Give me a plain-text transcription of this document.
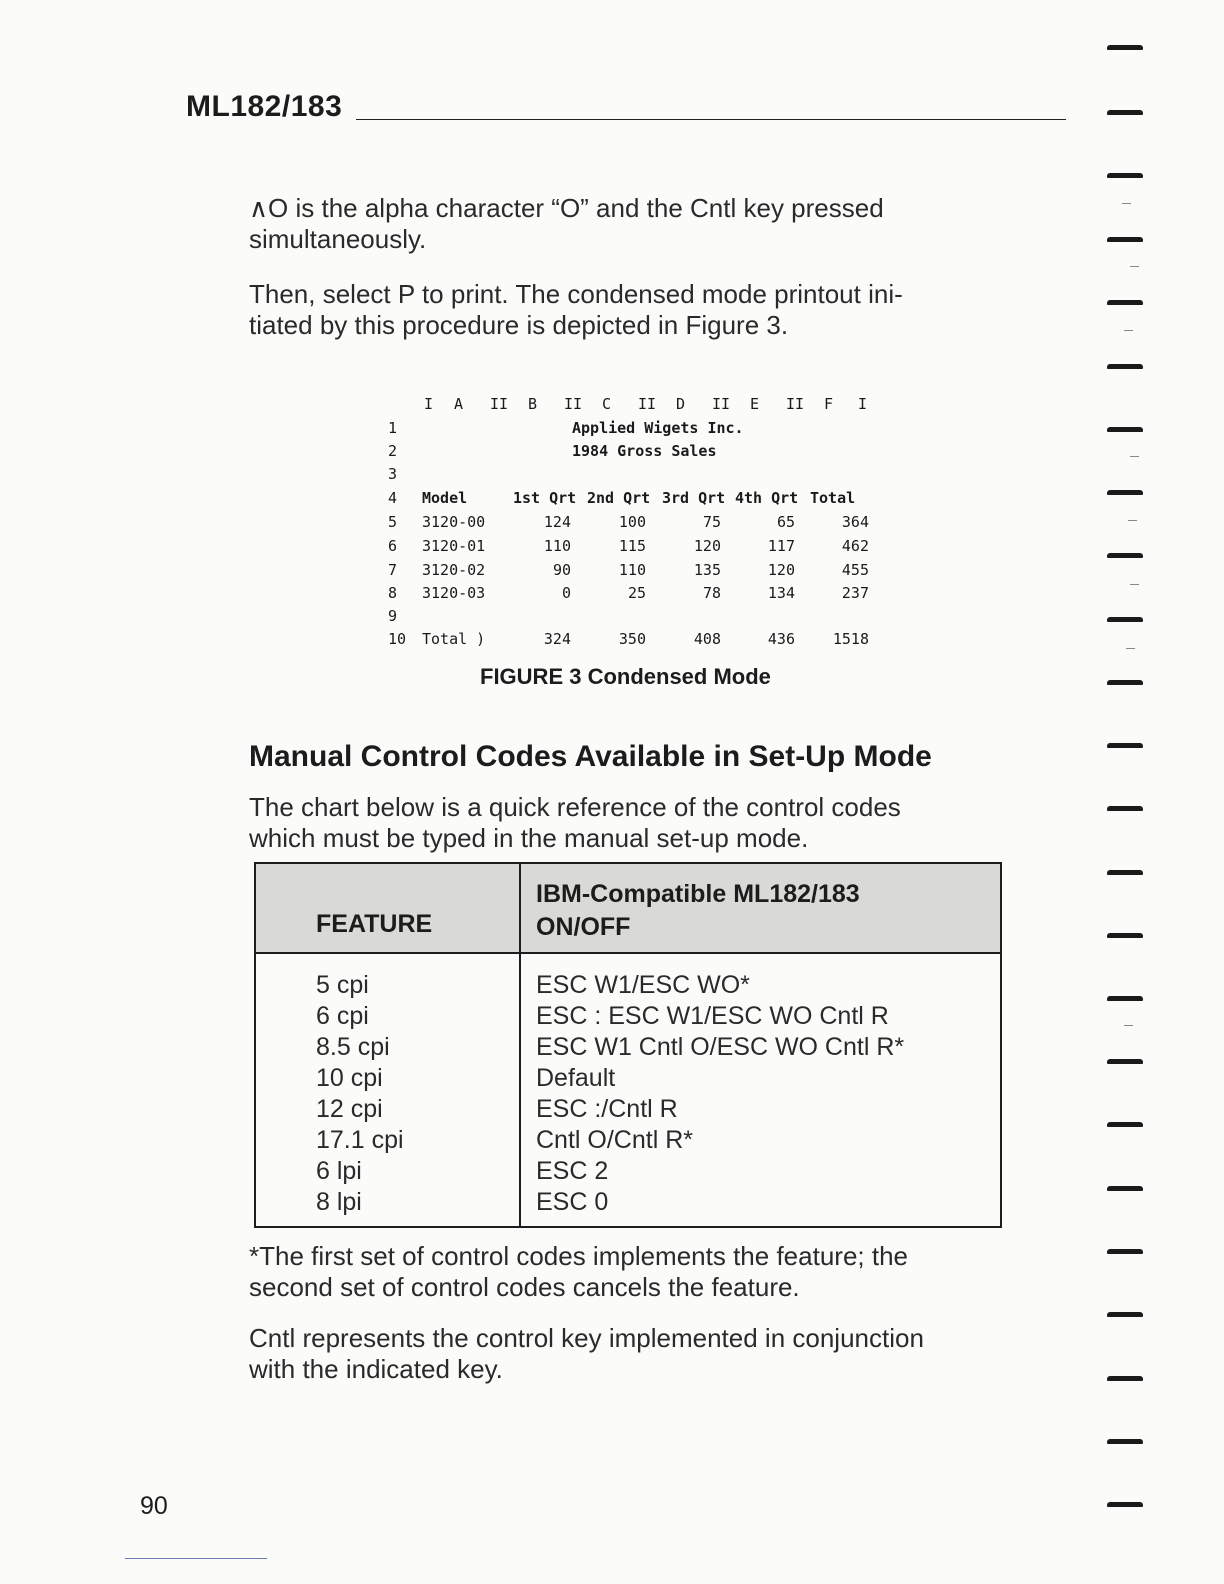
ML182/183
∧O is the alpha character “O” and the Cntl key pressed
simultaneously.
Then, select P to print. The condensed mode printout ini-
tiated by this procedure is depicted in Figure 3.
I A II B II C II D II E II F I
1	Applied Wigets Inc.
2	1984 Gross Sales
3
4 Model	1st Qrt 2nd Qrt 3rd Qrt 4th Qrt Total
5 3120-00	124	100	75	65	364
6 3120-01	110	115	120	117	462
7 3120-02	90	110	135	120	455
8 3120-03	0	25	78	134	237
9
10 Total )	324	350	408	436	1518
FIGURE 3 Condensed Mode
Manual Control Codes Available in Set-Up Mode
The chart below is a quick reference of the control codes
which must be typed in the manual set-up mode.
FEATURE
IBM-Compatible ML182/183
ON/OFF
5 cpi	ESC W1/ESC WO*
6 cpi	ESC : ESC W1/ESC WO Cntl R
8.5 cpi	ESC W1 Cntl O/ESC WO Cntl R*
10 cpi	Default
12 cpi	ESC :/Cntl R
17.1 cpi	Cntl O/Cntl R*
6 lpi	ESC 2
8 lpi	ESC 0
*The first set of control codes implements the feature; the
second set of control codes cancels the feature.
Cntl represents the control key implemented in conjunction
with the indicated key.
90
